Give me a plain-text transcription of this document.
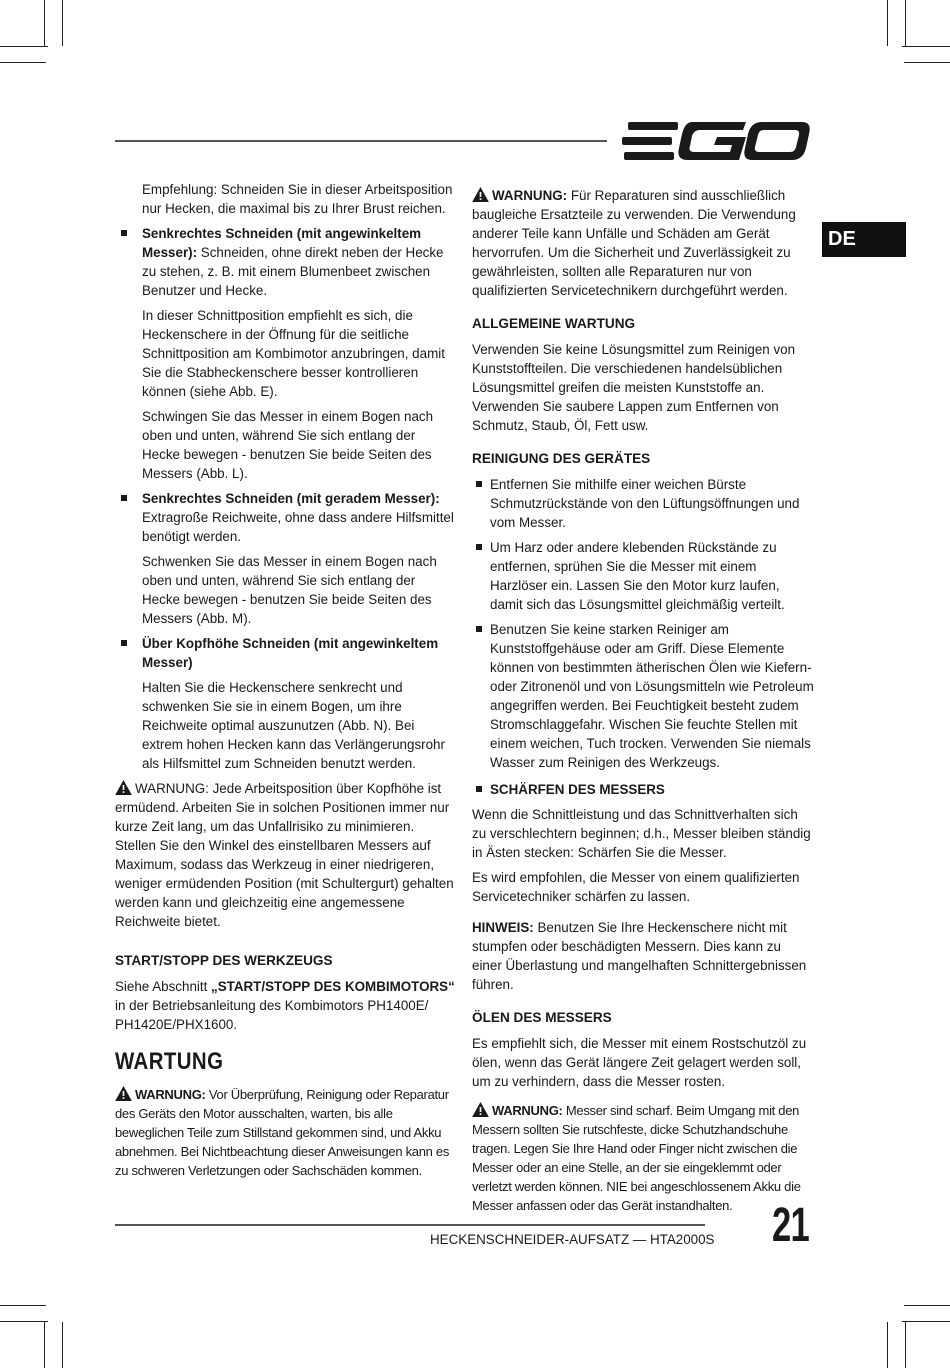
DE

Empfehlung: Schneiden Sie in dieser Arbeitsposition nur Hecken, die maximal bis zu Ihrer Brust reichen.

Senkrechtes Schneiden (mit angewinkeltem Messer): Schneiden, ohne direkt neben der Hecke zu stehen, z. B. mit einem Blumenbeet zwischen Benutzer und Hecke.

In dieser Schnittposition empfiehlt es sich, die Heckenschere in der Öffnung für die seitliche Schnittposition am Kombimotor anzubringen, damit Sie die Stabheckenschere besser kontrollieren können (siehe Abb. E).

Schwingen Sie das Messer in einem Bogen nach oben und unten, während Sie sich entlang der Hecke bewegen - benutzen Sie beide Seiten des Messers (Abb. L).

Senkrechtes Schneiden (mit geradem Messer): Extragroße Reichweite, ohne dass andere Hilfsmittel benötigt werden.

Schwenken Sie das Messer in einem Bogen nach oben und unten, während Sie sich entlang der Hecke bewegen - benutzen Sie beide Seiten des Messers (Abb. M).

Über Kopfhöhe Schneiden (mit angewinkeltem Messer)

Halten Sie die Heckenschere senkrecht und schwenken Sie sie in einem Bogen, um ihre Reichweite optimal auszunutzen (Abb. N). Bei extrem hohen Hecken kann das Verlängerungsrohr als Hilfsmittel zum Schneiden benutzt werden.

WARNUNG: Jede Arbeitsposition über Kopfhöhe ist ermüdend. Arbeiten Sie in solchen Positionen immer nur kurze Zeit lang, um das Unfallrisiko zu minimieren. Stellen Sie den Winkel des einstellbaren Messers auf Maximum, sodass das Werkzeug in einer niedrigeren, weniger ermüdenden Position (mit Schultergurt) gehalten werden kann und gleichzeitig eine angemessene Reichweite bietet.

START/STOPP DES WERKZEUGS

Siehe Abschnitt „START/STOPP DES KOMBIMOTORS“ in der Betriebsanleitung des Kombimotors PH1400E/ PH1420E/PHX1600.

WARTUNG

WARNUNG: Vor Überprüfung, Reinigung oder Reparatur des Geräts den Motor ausschalten, warten, bis alle beweglichen Teile zum Stillstand gekommen sind, und Akku abnehmen. Bei Nichtbeachtung dieser Anweisungen kann es zu schweren Verletzungen oder Sachschäden kommen.

WARNUNG: Für Reparaturen sind ausschließlich baugleiche Ersatzteile zu verwenden. Die Verwendung anderer Teile kann Unfälle und Schäden am Gerät hervorrufen. Um die Sicherheit und Zuverlässigkeit zu gewährleisten, sollten alle Reparaturen nur von qualifizierten Servicetechnikern durchgeführt werden.

ALLGEMEINE WARTUNG

Verwenden Sie keine Lösungsmittel zum Reinigen von Kunststoffteilen. Die verschiedenen handelsüblichen Lösungsmittel greifen die meisten Kunststoffe an. Verwenden Sie saubere Lappen zum Entfernen von Schmutz, Staub, Öl, Fett usw.

REINIGUNG DES GERÄTES
Entfernen Sie mithilfe einer weichen Bürste Schmutzrückstände von den Lüftungsöffnungen und vom Messer.
Um Harz oder andere klebenden Rückstände zu entfernen, sprühen Sie die Messer mit einem Harzlöser ein. Lassen Sie den Motor kurz laufen, damit sich das Lösungsmittel gleichmäßig verteilt.
Benutzen Sie keine starken Reiniger am Kunststoffgehäuse oder am Griff. Diese Elemente können von bestimmten ätherischen Ölen wie Kiefern- oder Zitronenöl und von Lösungsmitteln wie Petroleum angegriffen werden. Bei Feuchtigkeit besteht zudem Stromschlaggefahr. Wischen Sie feuchte Stellen mit einem weichen, Tuch trocken. Verwenden Sie niemals Wasser zum Reinigen des Werkzeugs.
SCHÄRFEN DES MESSERS

Wenn die Schnittleistung und das Schnittverhalten sich zu verschlechtern beginnen; d.h., Messer bleiben ständig in Ästen stecken: Schärfen Sie die Messer.

Es wird empfohlen, die Messer von einem qualifizierten Servicetechniker schärfen zu lassen.

HINWEIS: Benutzen Sie Ihre Heckenschere nicht mit stumpfen oder beschädigten Messern. Dies kann zu einer Überlastung und mangelhaften Schnittergebnissen führen.

ÖLEN DES MESSERS

Es empfiehlt sich, die Messer mit einem Rostschutzöl zu ölen, wenn das Gerät längere Zeit gelagert werden soll, um zu verhindern, dass die Messer rosten.

WARNUNG: Messer sind scharf. Beim Umgang mit den Messern sollten Sie rutschfeste, dicke Schutzhandschuhe tragen. Legen Sie Ihre Hand oder Finger nicht zwischen die Messer oder an eine Stelle, an der sie eingeklemmt oder verletzt werden können. NIE bei angeschlossenem Akku die Messer anfassen oder das Gerät instandhalten.

HECKENSCHNEIDER-AUFSATZ — HTA2000S 21
